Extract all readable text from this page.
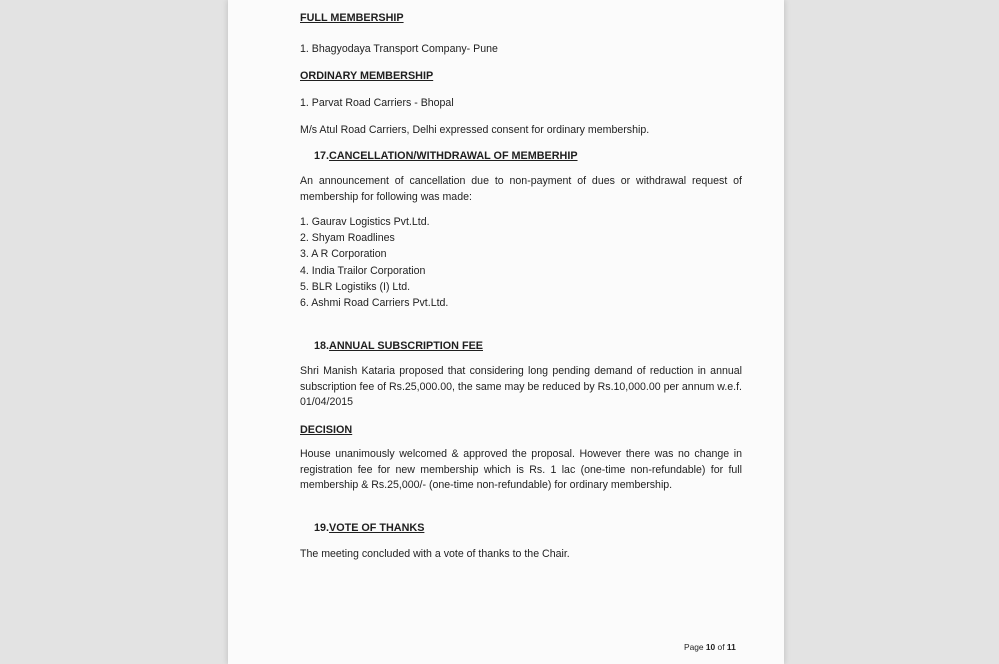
FULL MEMBERSHIP

1. Bhagyodaya Transport Company- Pune

ORDINARY MEMBERSHIP

1. Parvat Road Carriers - Bhopal

M/s Atul Road Carriers, Delhi expressed consent for ordinary membership.

17.CANCELLATION/WITHDRAWAL OF MEMBERHIP

An announcement of cancellation due to non-payment of dues or withdrawal request of membership for following was made:

1. Gaurav Logistics Pvt.Ltd.
2. Shyam Roadlines
3. A R Corporation
4. India Trailor Corporation
5. BLR Logistiks (I) Ltd.
6. Ashmi Road Carriers Pvt.Ltd.

18.ANNUAL SUBSCRIPTION FEE

Shri Manish Kataria proposed that considering long pending demand of reduction in annual subscription fee of Rs.25,000.00, the same may be reduced by Rs.10,000.00 per annum w.e.f. 01/04/2015

DECISION

House unanimously welcomed & approved the proposal. However there was no change in registration fee for new membership which is Rs. 1 lac (one-time non-refundable) for full membership & Rs.25,000/- (one-time non-refundable) for ordinary membership.

19.VOTE OF THANKS

The meeting concluded with a vote of thanks to the Chair.

Page 10 of 11
